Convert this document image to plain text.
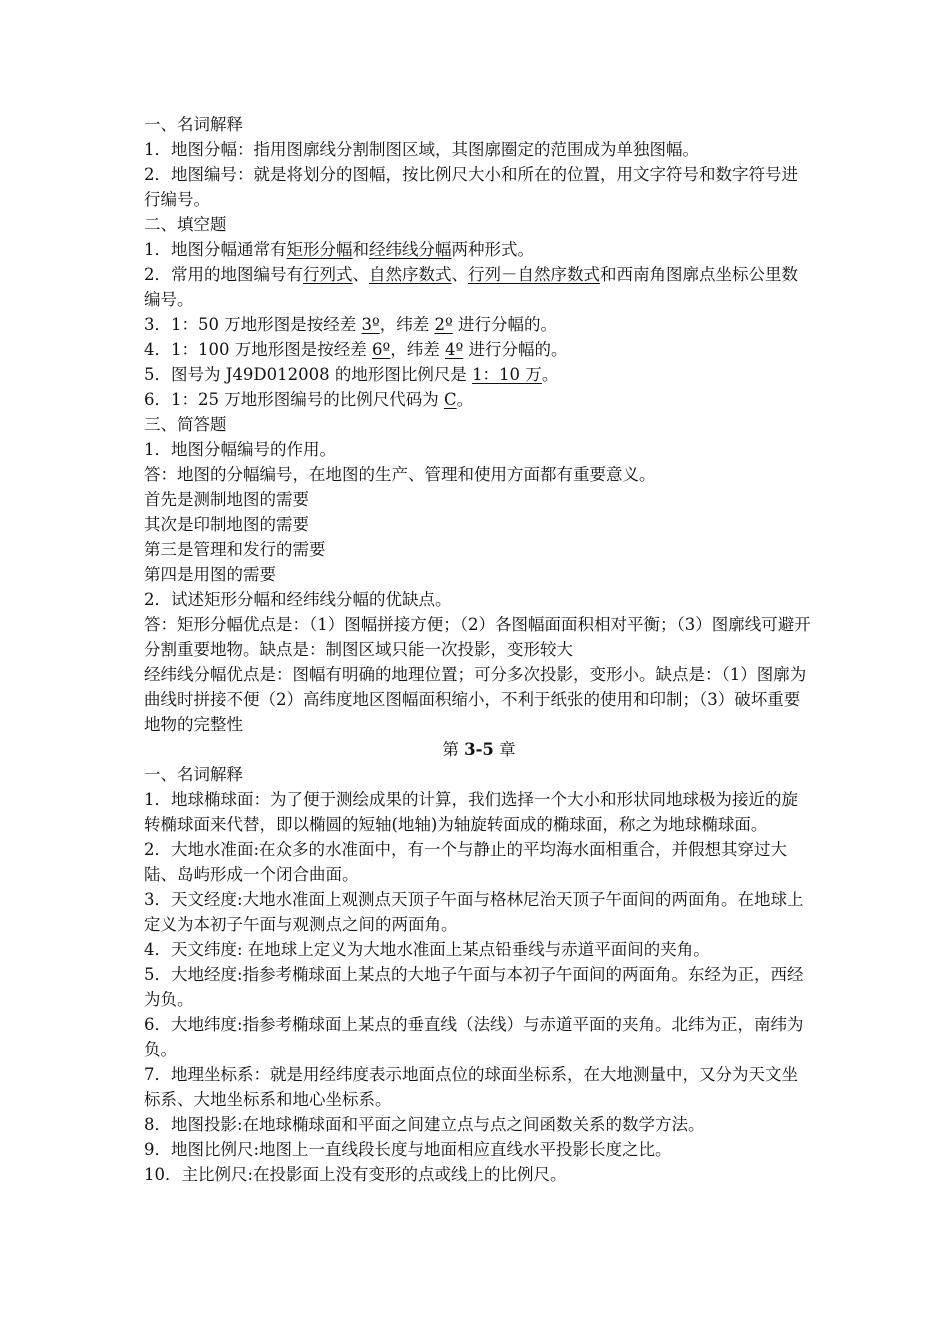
一、名词解释

1．地图分幅：指用图廓线分割制图区域，其图廓圈定的范围成为单独图幅。

2．地图编号：就是将划分的图幅，按比例尺大小和所在的位置，用文字符号和数字符号进行编号。

二、填空题

1．地图分幅通常有矩形分幅和经纬线分幅两种形式。

2．常用的地图编号有行列式、自然序数式、行列－自然序数式和西南角图廓点坐标公里数编号。

3．1：50 万地形图是按经差 3º，纬差 2º 进行分幅的。

4．1：100 万地形图是按经差 6º，纬差 4º 进行分幅的。

5．图号为 J49D012008 的地形图比例尺是 1：10 万。

6．1：25 万地形图编号的比例尺代码为 C。

三、简答题

1．地图分幅编号的作用。

答：地图的分幅编号，在地图的生产、管理和使用方面都有重要意义。

首先是测制地图的需要

其次是印制地图的需要

第三是管理和发行的需要

第四是用图的需要

2．试述矩形分幅和经纬线分幅的优缺点。

答：矩形分幅优点是：（1）图幅拼接方便；（2）各图幅面面积相对平衡；（3）图廓线可避开分割重要地物。缺点是：制图区域只能一次投影，变形较大

经纬线分幅优点是：图幅有明确的地理位置；可分多次投影，变形小。缺点是：（1）图廓为曲线时拼接不便（2）高纬度地区图幅面积缩小，不利于纸张的使用和印制；（3）破坏重要地物的完整性

第 3-5 章

一、名词解释

1．地球椭球面：为了便于测绘成果的计算，我们选择一个大小和形状同地球极为接近的旋转椭球面来代替，即以椭圆的短轴(地轴)为轴旋转面成的椭球面，称之为地球椭球面。

2．大地水准面:在众多的水准面中，有一个与静止的平均海水面相重合，并假想其穿过大陆、岛屿形成一个闭合曲面。

3．天文经度:大地水准面上观测点天顶子午面与格林尼治天顶子午面间的两面角。在地球上定义为本初子午面与观测点之间的两面角。

4．天文纬度: 在地球上定义为大地水准面上某点铅垂线与赤道平面间的夹角。

5．大地经度:指参考椭球面上某点的大地子午面与本初子午面间的两面角。东经为正，西经为负。

6．大地纬度:指参考椭球面上某点的垂直线（法线）与赤道平面的夹角。北纬为正，南纬为负。

7．地理坐标系：就是用经纬度表示地面点位的球面坐标系，在大地测量中，又分为天文坐标系、大地坐标系和地心坐标系。

8．地图投影:在地球椭球面和平面之间建立点与点之间函数关系的数学方法。

9．地图比例尺:地图上一直线段长度与地面相应直线水平投影长度之比。

10．主比例尺:在投影面上没有变形的点或线上的比例尺。
